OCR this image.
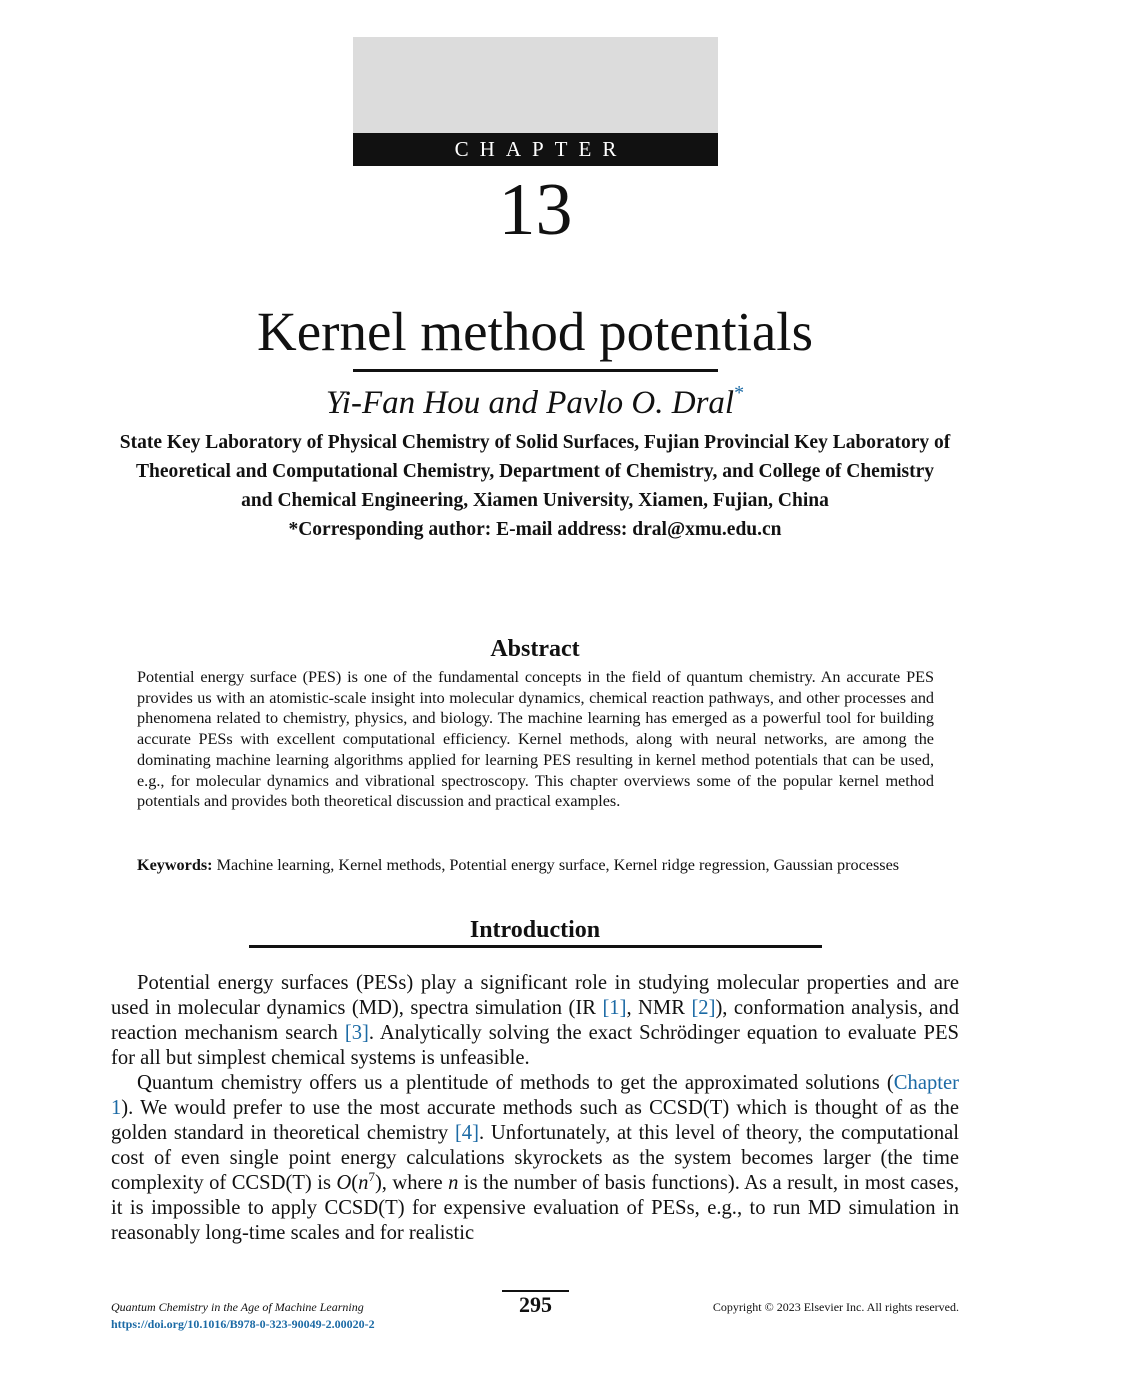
CHAPTER
13
Kernel method potentials
Yi-Fan Hou and Pavlo O. Dral*
State Key Laboratory of Physical Chemistry of Solid Surfaces, Fujian Provincial Key Laboratory of
Theoretical and Computational Chemistry, Department of Chemistry, and College of Chemistry
and Chemical Engineering, Xiamen University, Xiamen, Fujian, China
*Corresponding author: E-mail address: dral@xmu.edu.cn
Abstract
Potential energy surface (PES) is one of the fundamental concepts in the field of quantum chemistry. An accurate PES provides us with an atomistic-scale insight into molecular dynamics, chemical reaction pathways, and other processes and phenomena related to chemistry, physics, and biology. The machine learning has emerged as a powerful tool for building accurate PESs with excellent computational efficiency. Kernel methods, along with neural networks, are among the dominating machine learning algorithms applied for learning PES resulting in kernel method potentials that can be used, e.g., for molecular dynamics and vibrational spectroscopy. This chapter overviews some of the popular kernel method potentials and provides both theoretical discussion and practical examples.
Keywords: Machine learning, Kernel methods, Potential energy surface, Kernel ridge regression, Gaussian processes
Introduction

Potential energy surfaces (PESs) play a significant role in studying molecular properties and are used in molecular dynamics (MD), spectra simulation (IR [1], NMR [2]), conformation analysis, and reaction mechanism search [3]. Analytically solving the exact Schrödinger equation to evaluate PES for all but simplest chemical systems is unfeasible.

Quantum chemistry offers us a plentitude of methods to get the approximated solutions (Chapter 1). We would prefer to use the most accurate methods such as CCSD(T) which is thought of as the golden standard in theoretical chemistry [4]. Unfortunately, at this level of theory, the computational cost of even single point energy calculations skyrockets as the system becomes larger (the time complexity of CCSD(T) is $O(n^7)$, where n is the number of basis functions). As a result, in most cases, it is impossible to apply CCSD(T) for expensive evaluation of PESs, e.g., to run MD simulation in reasonably long-time scales and for realistic

Quantum Chemistry in the Age of Machine Learning
https://doi.org/10.1016/B978-0-323-90049-2.00020-2
295	Copyright © 2023 Elsevier Inc. All rights reserved.
